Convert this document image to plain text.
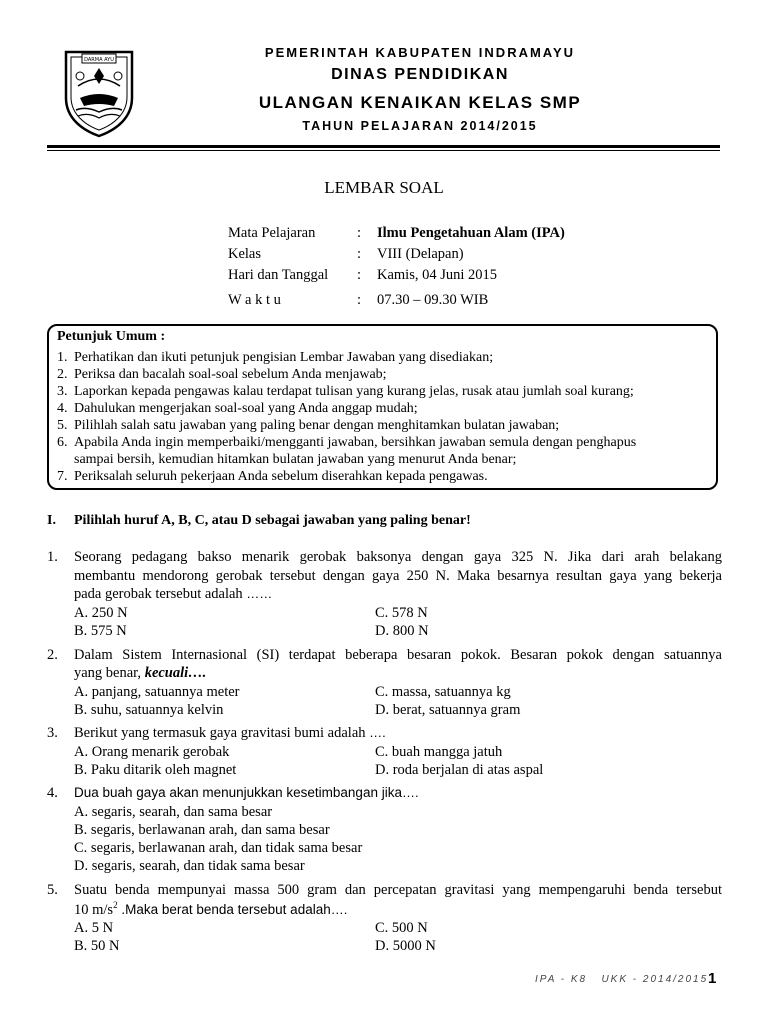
DARMA AYU	PEMERINTAH KABUPATEN INDRAMAYU
DINAS PENDIDIKAN
ULANGAN KENAIKAN KELAS SMP
TAHUN PELAJARAN 2014/2015
LEMBAR SOAL
Mata Pelajaran	: Ilmu Pengetahuan Alam (IPA)
Kelas	: VIII (Delapan)
Hari dan Tanggal : Kamis, 04 Juni 2015
W a k t u	: 07.30 – 09.30 WIB
Petunjuk Umum :
1. Perhatikan dan ikuti petunjuk pengisian Lembar Jawaban yang disediakan;
2. Periksa dan bacalah soal-soal sebelum Anda menjawab;
3. Laporkan kepada pengawas kalau terdapat tulisan yang kurang jelas, rusak atau jumlah soal kurang;
4. Dahulukan mengerjakan soal-soal yang Anda anggap mudah;
5. Pilihlah salah satu jawaban yang paling benar dengan menghitamkan bulatan jawaban;
6. Apabila Anda ingin memperbaiki/mengganti jawaban, bersihkan jawaban semula dengan penghapus
sampai bersih, kemudian hitamkan bulatan jawaban yang menurut Anda benar;
7. Periksalah seluruh pekerjaan Anda sebelum diserahkan kepada pengawas.
I. Pilihlah huruf A, B, C, atau D sebagai jawaban yang paling benar!
1. Seorang pedagang bakso menarik gerobak baksonya dengan gaya 325 N. Jika dari arah belakang
membantu mendorong gerobak tersebut dengan gaya 250 N. Maka besarnya resultan gaya yang bekerja
pada gerobak tersebut adalah ……
A. 250 N	C. 578 N
B. 575 N	D. 800 N
2. Dalam Sistem Internasional (SI) terdapat beberapa besaran pokok. Besaran pokok dengan satuannya
yang benar, kecuali….
A. panjang, satuannya meter	C. massa, satuannya kg
B. suhu, satuannya kelvin	D. berat, satuannya gram
3. Berikut yang termasuk gaya gravitasi bumi adalah ….
A. Orang menarik gerobak	C. buah mangga jatuh
B. Paku ditarik oleh magnet	D. roda berjalan di atas aspal
4. Dua buah gaya akan menunjukkan kesetimbangan jika….
A. segaris, searah, dan sama besar
B. segaris, berlawanan arah, dan sama besar
C. segaris, berlawanan arah, dan tidak sama besar
D. segaris, searah, dan tidak sama besar
5. Suatu benda mempunyai massa 500 gram dan percepatan gravitasi yang mempengaruhi benda tersebut
10 $m/s^2$ .Maka berat benda tersebut adalah….
A. 5 N	C. 500 N
B. 50 N	D. 5000 N
IPA - K8   UKK - 2014/2015 1
